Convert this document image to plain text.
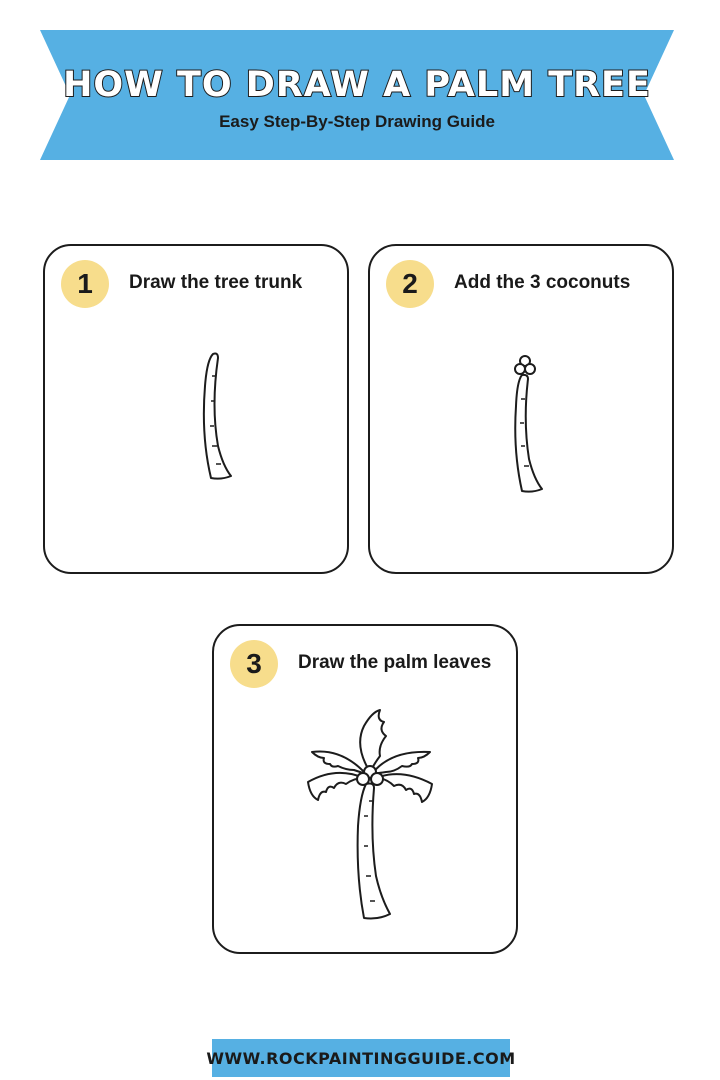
HOW TO DRAW A PALM TREE
Easy Step-By-Step Drawing Guide
1	Draw the tree trunk	2	Add the 3 coconuts
3	Draw the palm leaves
WWW.ROCKPAINTINGGUIDE.COM
